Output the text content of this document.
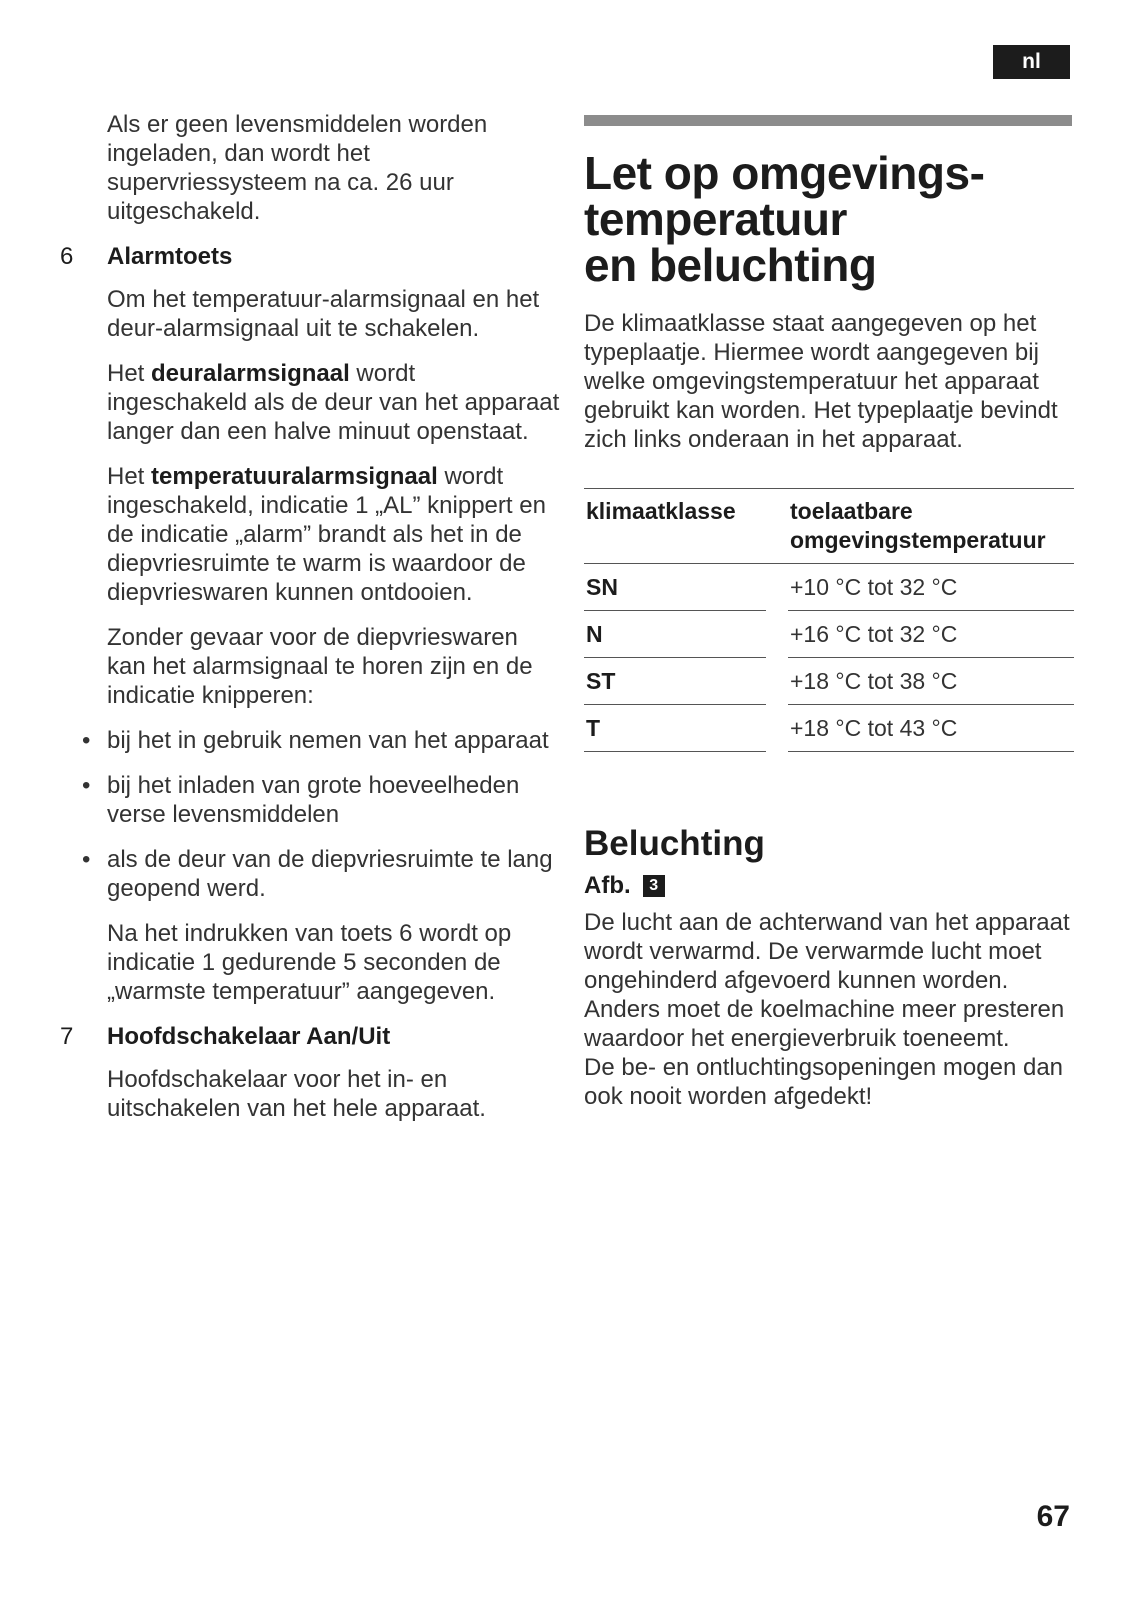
nl

Als er geen levensmiddelen worden ingeladen, dan wordt het supervriessysteem na ca. 26 uur uitgeschakeld.

6	Alarmtoets

Om het temperatuur-alarmsignaal en het deur-alarmsignaal uit te schakelen.

Het deuralarmsignaal wordt ingeschakeld als de deur van het apparaat langer dan een halve minuut openstaat.

Het temperatuuralarmsignaal wordt ingeschakeld, indicatie 1 „AL” knippert en de indicatie „alarm” brandt als het in de diepvriesruimte te warm is waardoor de diepvrieswaren kunnen ontdooien.

Zonder gevaar voor de diepvrieswaren kan het alarmsignaal te horen zijn en de indicatie knipperen:

• bij het in gebruik nemen van het apparaat
• bij het inladen van grote hoeveelheden verse levensmiddelen
• als de deur van de diepvriesruimte te lang geopend werd.

Na het indrukken van toets 6 wordt op indicatie 1 gedurende 5 seconden de „warmste temperatuur” aangegeven.

7	Hoofdschakelaar Aan/Uit

Hoofdschakelaar voor het in- en uitschakelen van het hele apparaat.

Let op omgevings-
temperatuur
en beluchting

De klimaatklasse staat aangegeven op het typeplaatje. Hiermee wordt aangegeven bij welke omgevingstemperatuur het apparaat gebruikt kan worden. Het typeplaatje bevindt zich links onderaan in het apparaat.

klimaatklasse		toelaatbare
omgevingstemperatuur
SN		+10 °C tot 32 °C
N		+16 °C tot 32 °C
ST		+18 °C tot 38 °C
T		+18 °C tot 43 °C
Beluchting
Afb.	3

De lucht aan de achterwand van het apparaat wordt verwarmd. De verwarmde lucht moet ongehinderd afgevoerd kunnen worden. Anders moet de koelmachine meer presteren waardoor het energieverbruik toeneemt.

De be- en ontluchtingsopeningen mogen dan ook nooit worden afgedekt!

67
